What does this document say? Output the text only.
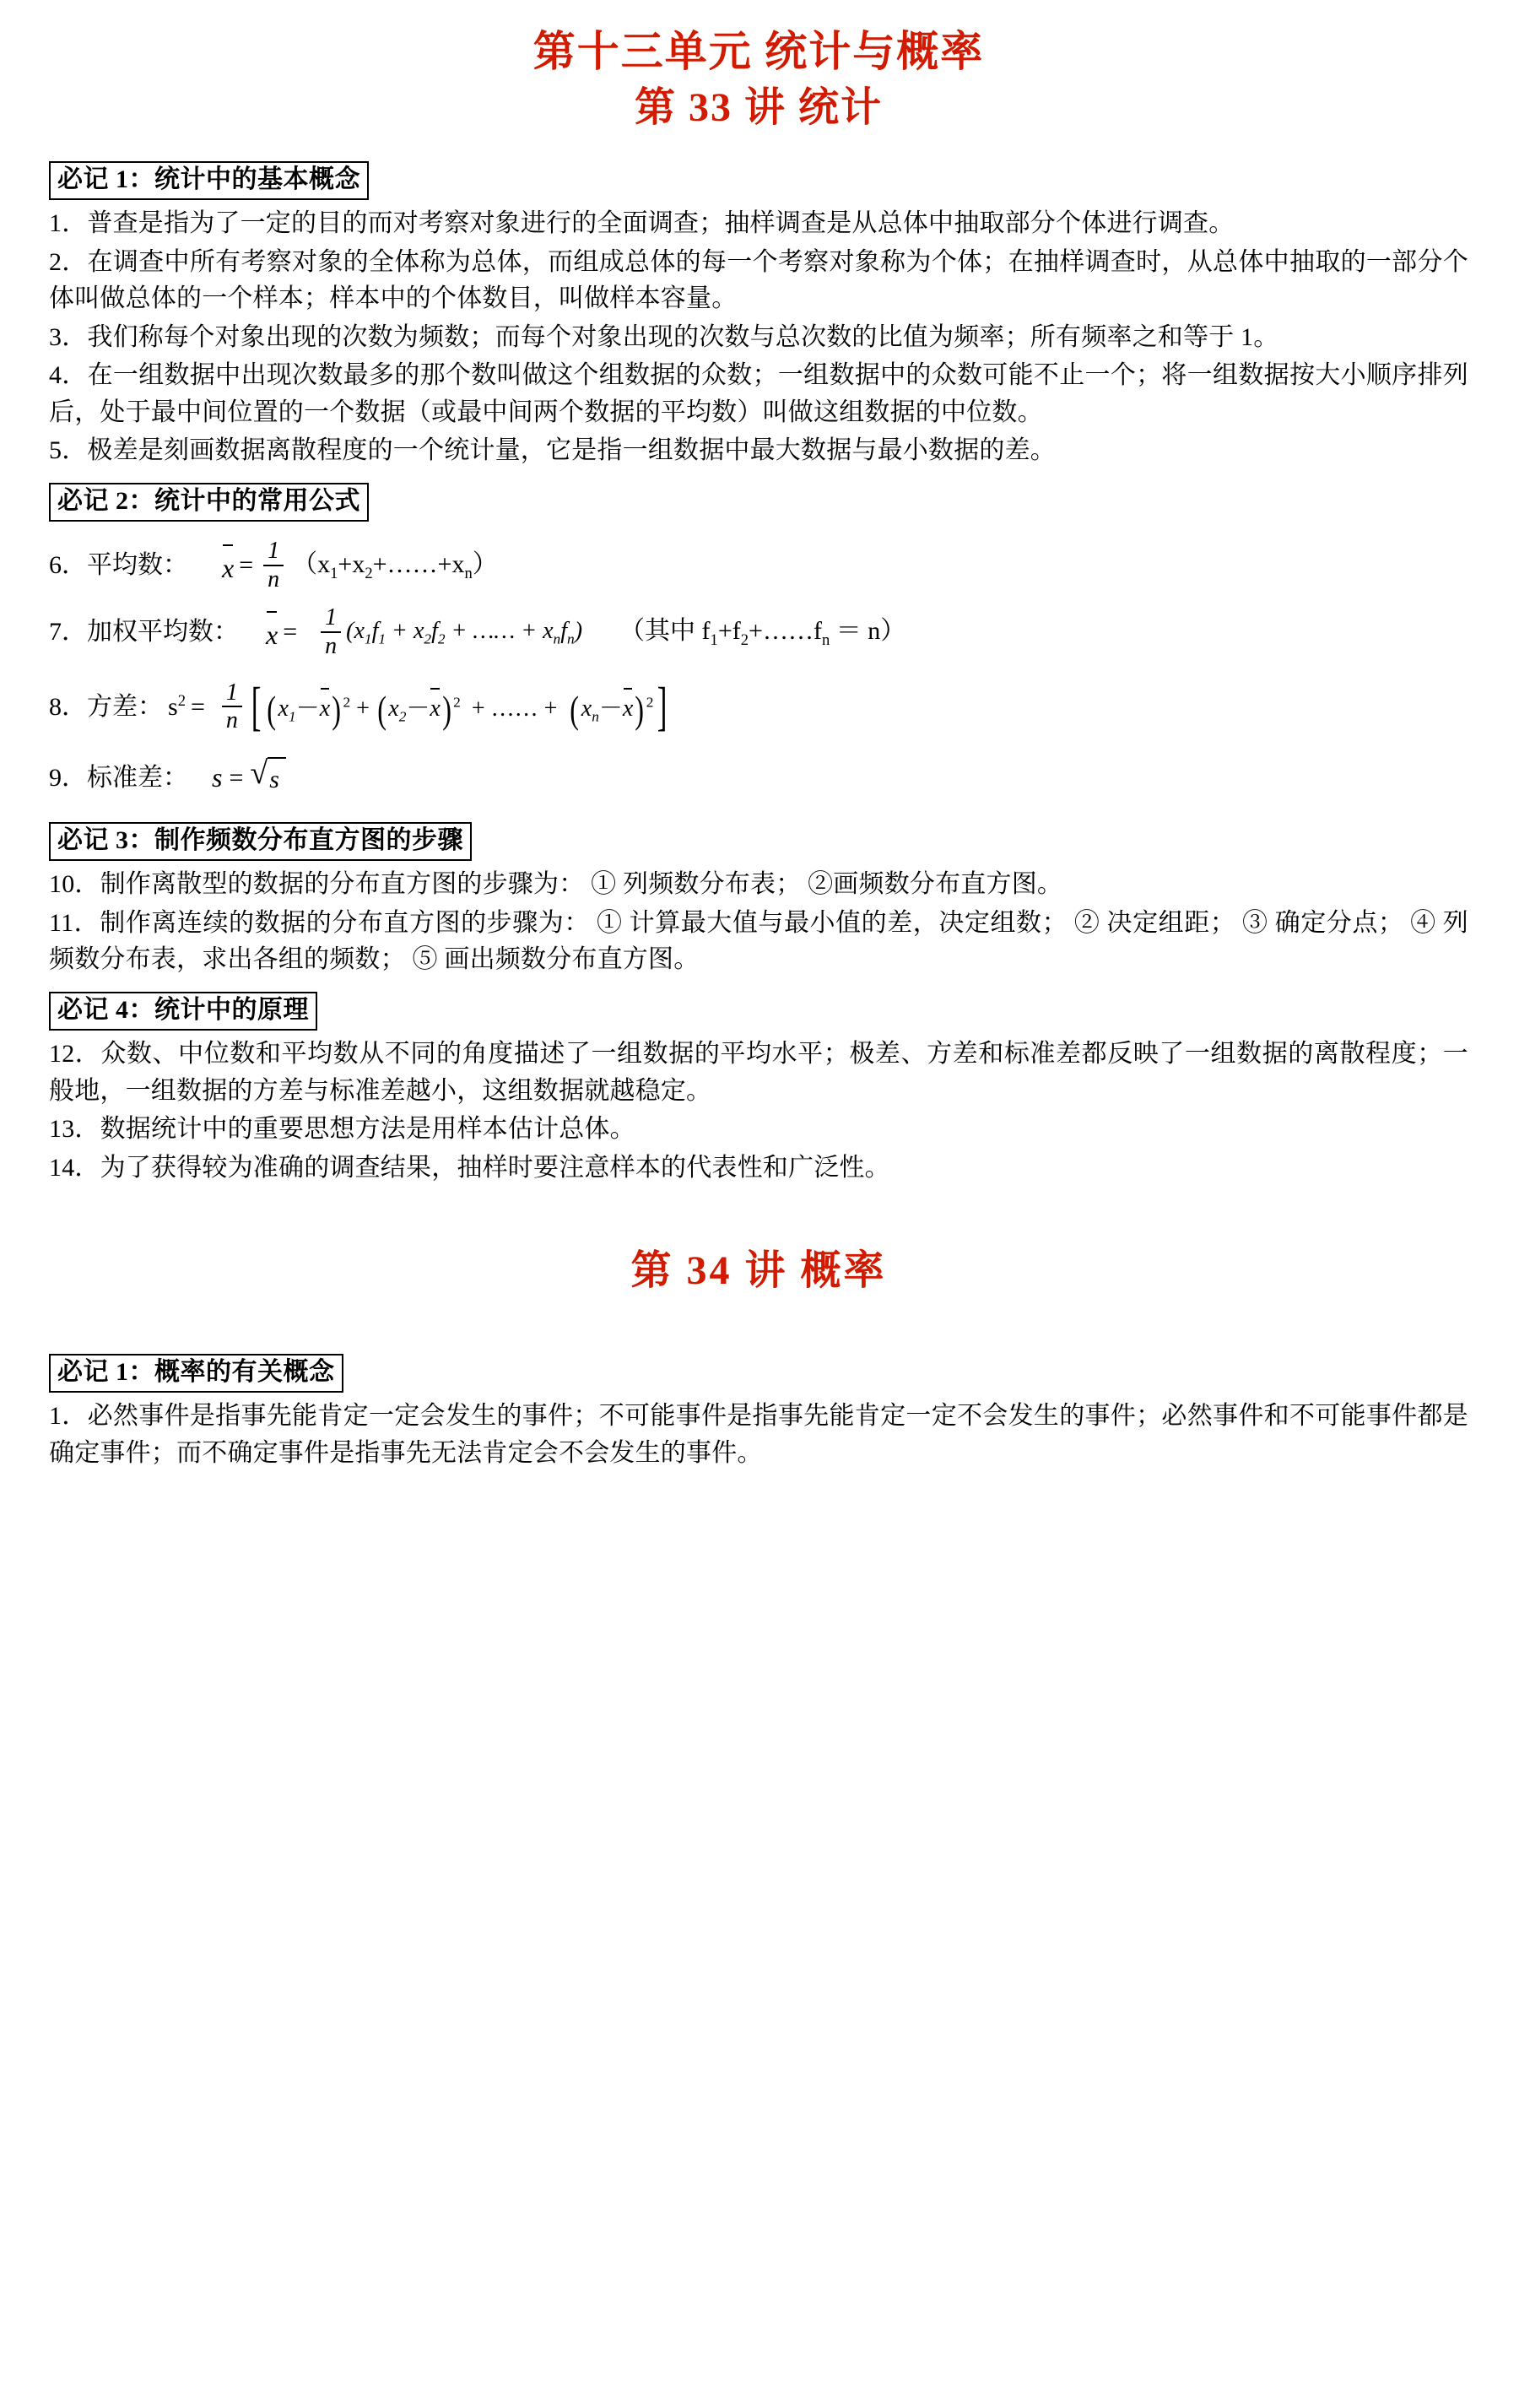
第十三单元 统计与概率
第 33 讲 统计
必记 1：统计中的基本概念

1．普查是指为了一定的目的而对考察对象进行的全面调查；抽样调查是从总体中抽取部分个体进行调查。

2．在调查中所有考察对象的全体称为总体，而组成总体的每一个考察对象称为个体；在抽样调查时，从总体中抽取的一部分个体叫做总体的一个样本；样本中的个体数目，叫做样本容量。

3．我们称每个对象出现的次数为频数；而每个对象出现的次数与总次数的比值为频率；所有频率之和等于 1。

4．在一组数据中出现次数最多的那个数叫做这个组数据的众数；一组数据中的众数可能不止一个；将一组数据按大小顺序排列后，处于最中间位置的一个数据（或最中间两个数据的平均数）叫做这组数据的中位数。

5．极差是刻画数据离散程度的一个统计量，它是指一组数据中最大数据与最小数据的差。

必记 2：统计中的常用公式
6．平均数： $x = \frac{1}{n}$ $(x_1+x_2+\dots\dots+x_n)$
7．加权平均数： $x = \frac{1}{n} (x_1f_1 + x_2f_2$ + …… + $x_nf_n$) （其中 $f_1+f_2+\dots\dots f_n = n$）
8．方差： $s^2 = \frac{1}{n}$ [ $(x_1-x) ^2 + (x_2-x) ^2$ + …… + $(x_n-x)$ $^2$ ]
9．标准差： s = √ s
必记 3：制作频数分布直方图的步骤

10．制作离散型的数据的分布直方图的步骤为： ① 列频数分布表； ②画频数分布直方图。

11．制作离连续的数据的分布直方图的步骤为： ① 计算最大值与最小值的差，决定组数； ② 决定组距； ③ 确定分点； ④ 列频数分布表，求出各组的频数； ⑤ 画出频数分布直方图。

必记 4：统计中的原理

12．众数、中位数和平均数从不同的角度描述了一组数据的平均水平；极差、方差和标准差都反映了一组数据的离散程度；一般地，一组数据的方差与标准差越小，这组数据就越稳定。

13．数据统计中的重要思想方法是用样本估计总体。

14．为了获得较为准确的调查结果，抽样时要注意样本的代表性和广泛性。

第 34 讲 概率
必记 1：概率的有关概念

1．必然事件是指事先能肯定一定会发生的事件；不可能事件是指事先能肯定一定不会发生的事件；必然事件和不可能事件都是确定事件；而不确定事件是指事先无法肯定会不会发生的事件。
